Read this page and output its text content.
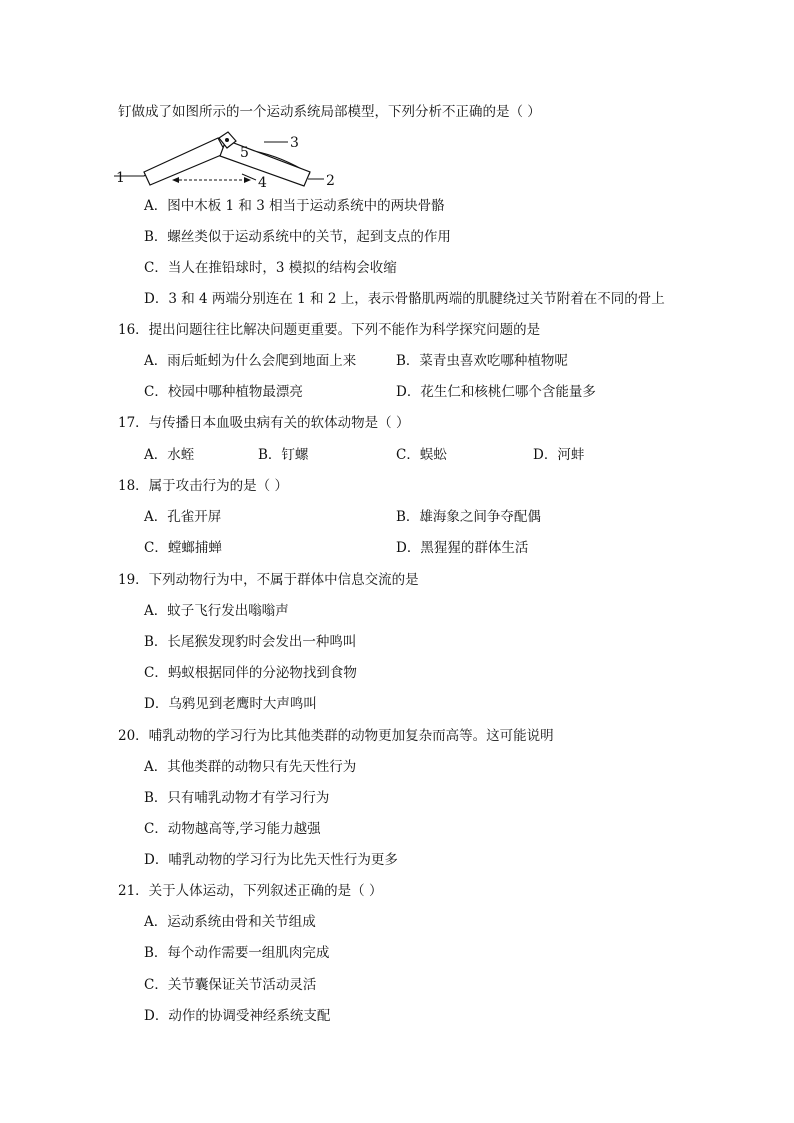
钉做成了如图所示的一个运动系统局部模型，下列分析不正确的是（ ）
1	2
3
4
5
A．图中木板 1 和 3 相当于运动系统中的两块骨骼
B．螺丝类似于运动系统中的关节，起到支点的作用
C．当人在推铅球时，3 模拟的结构会收缩
D．3 和 4 两端分别连在 1 和 2 上，表示骨骼肌两端的肌腱绕过关节附着在不同的骨上
16．提出问题往往比解决问题更重要。下列不能作为科学探究问题的是
A．雨后蚯蚓为什么会爬到地面上来	B．菜青虫喜欢吃哪种植物呢
C．校园中哪种植物最漂亮	D．花生仁和核桃仁哪个含能量多
17．与传播日本血吸虫病有关的软体动物是（ ）
A．水蛭	B．钉螺	C．蜈蚣	D．河蚌
18．属于攻击行为的是（ ）
A．孔雀开屏	B．雄海象之间争夺配偶
C．螳螂捕蝉	D．黑猩猩的群体生活
19．下列动物行为中，不属于群体中信息交流的是
A．蚊子飞行发出嗡嗡声
B．长尾猴发现豹时会发出一种鸣叫
C．蚂蚁根据同伴的分泌物找到食物
D．乌鸦见到老鹰时大声鸣叫
20．哺乳动物的学习行为比其他类群的动物更加复杂而高等。这可能说明
A．其他类群的动物只有先天性行为
B．只有哺乳动物才有学习行为
C．动物越高等,学习能力越强
D．哺乳动物的学习行为比先天性行为更多
21．关于人体运动，下列叙述正确的是（ ）
A．运动系统由骨和关节组成
B．每个动作需要一组肌肉完成
C．关节囊保证关节活动灵活
D．动作的协调受神经系统支配
